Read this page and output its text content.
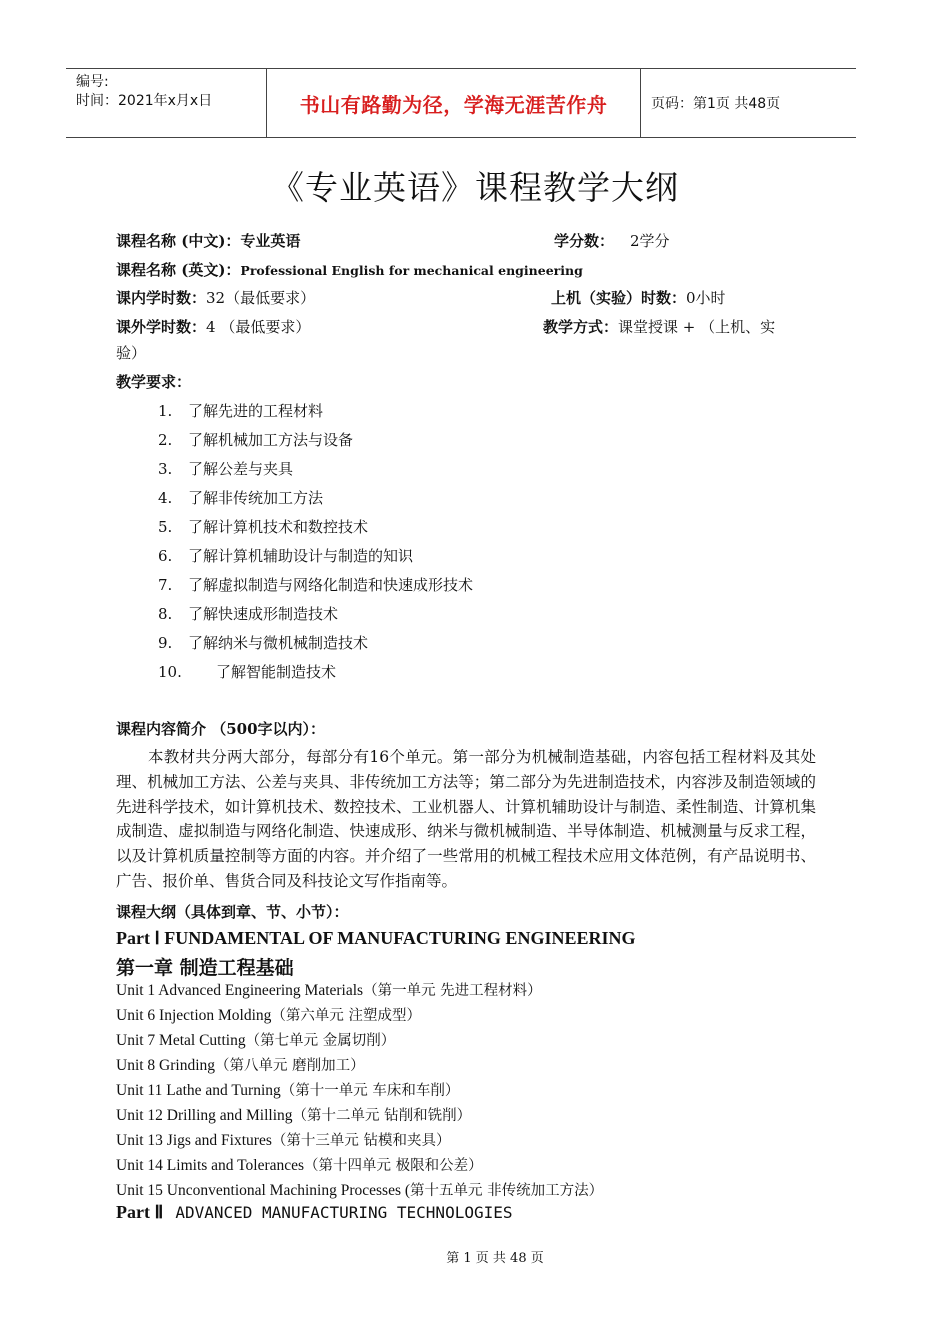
编号:
时间：2021年x月x日	书山有路勤为径，学海无涯苦作舟	页码：第1页 共48页
《专业英语》课程教学大纲
课程名称 (中文)：专业英语	学分数： 2学分
课程名称 (英文)：Professional English for mechanical engineering
课内学时数：32（最低要求）	上机（实验）时数：0小时
课外学时数：4 （最低要求）	教学方式：课堂授课 + （上机、实
验）
教学要求：
1. 了解先进的工程材料
2. 了解机械加工方法与设备
3. 了解公差与夹具
4. 了解非传统加工方法
5. 了解计算机技术和数控技术
6. 了解计算机辅助设计与制造的知识
7. 了解虚拟制造与网络化制造和快速成形技术
8. 了解快速成形制造技术
9. 了解纳米与微机械制造技术
10. 了解智能制造技术
课程内容简介 （500字以内）：

本教材共分两大部分，每部分有16个单元。第一部分为机械制造基础，内容包括工程材料及其处理、机械加工方法、公差与夹具、非传统加工方法等；第二部分为先进制造技术，内容涉及制造领域的先进科学技术，如计算机技术、数控技术、工业机器人、计算机辅助设计与制造、柔性制造、计算机集成制造、虚拟制造与网络化制造、快速成形、纳米与微机械制造、半导体制造、机械测量与反求工程，以及计算机质量控制等方面的内容。并介绍了一些常用的机械工程技术应用文体范例，有产品说明书、广告、报价单、售货合同及科技论文写作指南等。

课程大纲（具体到章、节、小节）：
Part Ⅰ FUNDAMENTAL OF MANUFACTURING ENGINEERING
第一章 制造工程基础
Unit 1 Advanced Engineering Materials（第一单元 先进工程材料）
Unit 6 Injection Molding（第六单元 注塑成型）
Unit 7 Metal Cutting（第七单元 金属切削）
Unit 8 Grinding（第八单元 磨削加工）
Unit 11 Lathe and Turning（第十一单元 车床和车削）
Unit 12 Drilling and Milling（第十二单元 钻削和铣削）
Unit 13 Jigs and Fixtures（第十三单元 钻模和夹具）
Unit 14 Limits and Tolerances（第十四单元 极限和公差）
Unit 15 Unconventional Machining Processes (第十五单元 非传统加工方法）
Part Ⅱ ADVANCED MANUFACTURING TECHNOLOGIES
第 1 页 共 48 页
